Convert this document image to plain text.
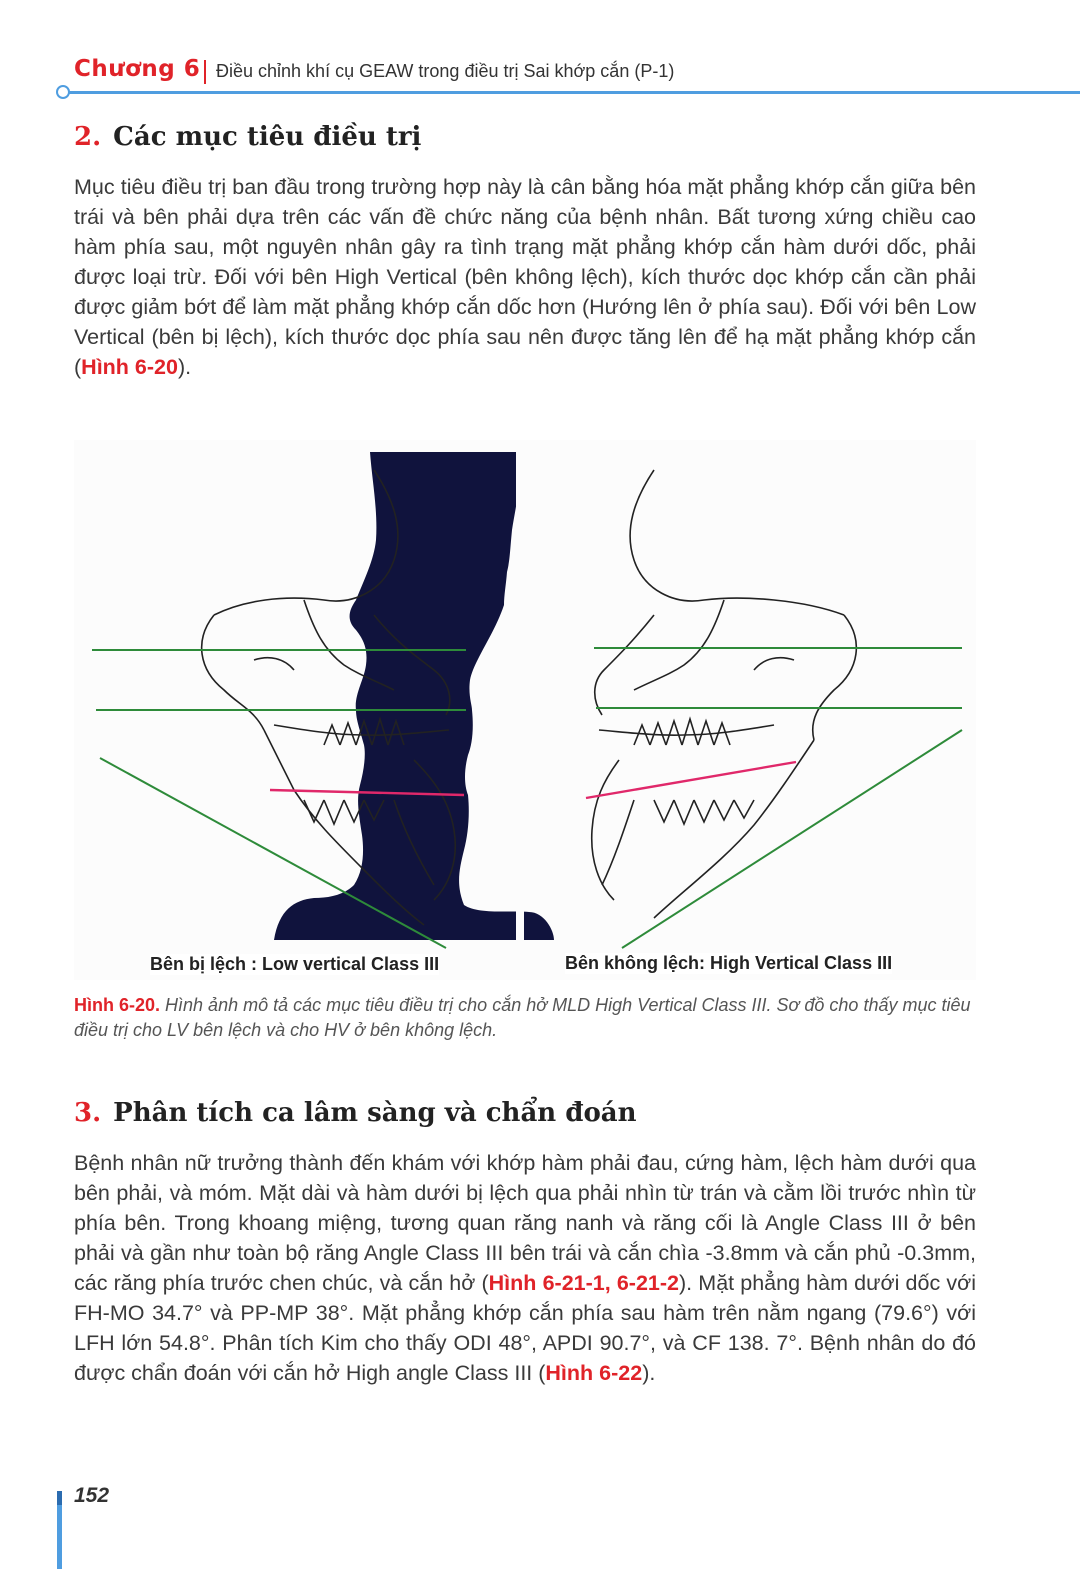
Chương 6 Điều chỉnh khí cụ GEAW trong điều trị Sai khớp cắn (P-1)
2. Các mục tiêu điều trị

Mục tiêu điều trị ban đầu trong trường hợp này là cân bằng hóa mặt phẳng khớp cắn giữa bên trái và bên phải dựa trên các vấn đề chức năng của bệnh nhân. Bất tương xứng chiều cao hàm phía sau, một nguyên nhân gây ra tình trạng mặt phẳng khớp cắn hàm dưới dốc, phải được loại trừ. Đối với bên High Vertical (bên không lệch), kích thước dọc khớp cắn cần phải được giảm bớt để làm mặt phẳng khớp cắn dốc hơn (Hướng lên ở phía sau). Đối với bên Low Vertical (bên bị lệch), kích thước dọc phía sau nên được tăng lên để hạ mặt phẳng khớp cắn (Hình 6-20).

Bên bị lệch : Low vertical Class III	Bên không lệch: High Vertical Class III

Hình 6-20. Hình ảnh mô tả các mục tiêu điều trị cho cắn hở MLD High Vertical Class III. Sơ đồ cho thấy mục tiêu điều trị cho LV bên lệch và cho HV ở bên không lệch.

3. Phân tích ca lâm sàng và chẩn đoán

Bệnh nhân nữ trưởng thành đến khám với khớp hàm phải đau, cứng hàm, lệch hàm dưới qua bên phải, và móm. Mặt dài và hàm dưới bị lệch qua phải nhìn từ trán và cằm lồi trước nhìn từ phía bên. Trong khoang miệng, tương quan răng nanh và răng cối là Angle Class III ở bên phải và gần như toàn bộ răng Angle Class III bên trái và cắn chìa -3.8mm và cắn phủ -0.3mm, các răng phía trước chen chúc, và cắn hở (Hình 6-21-1, 6-21-2). Mặt phẳng hàm dưới dốc với FH-MO 34.7° và PP-MP 38°. Mặt phẳng khớp cắn phía sau hàm trên nằm ngang (79.6°) với LFH lớn 54.8°. Phân tích Kim cho thấy ODI 48°, APDI 90.7°, và CF 138. 7°. Bệnh nhân do đó được chẩn đoán với cắn hở High angle Class III (Hình 6-22).

152
